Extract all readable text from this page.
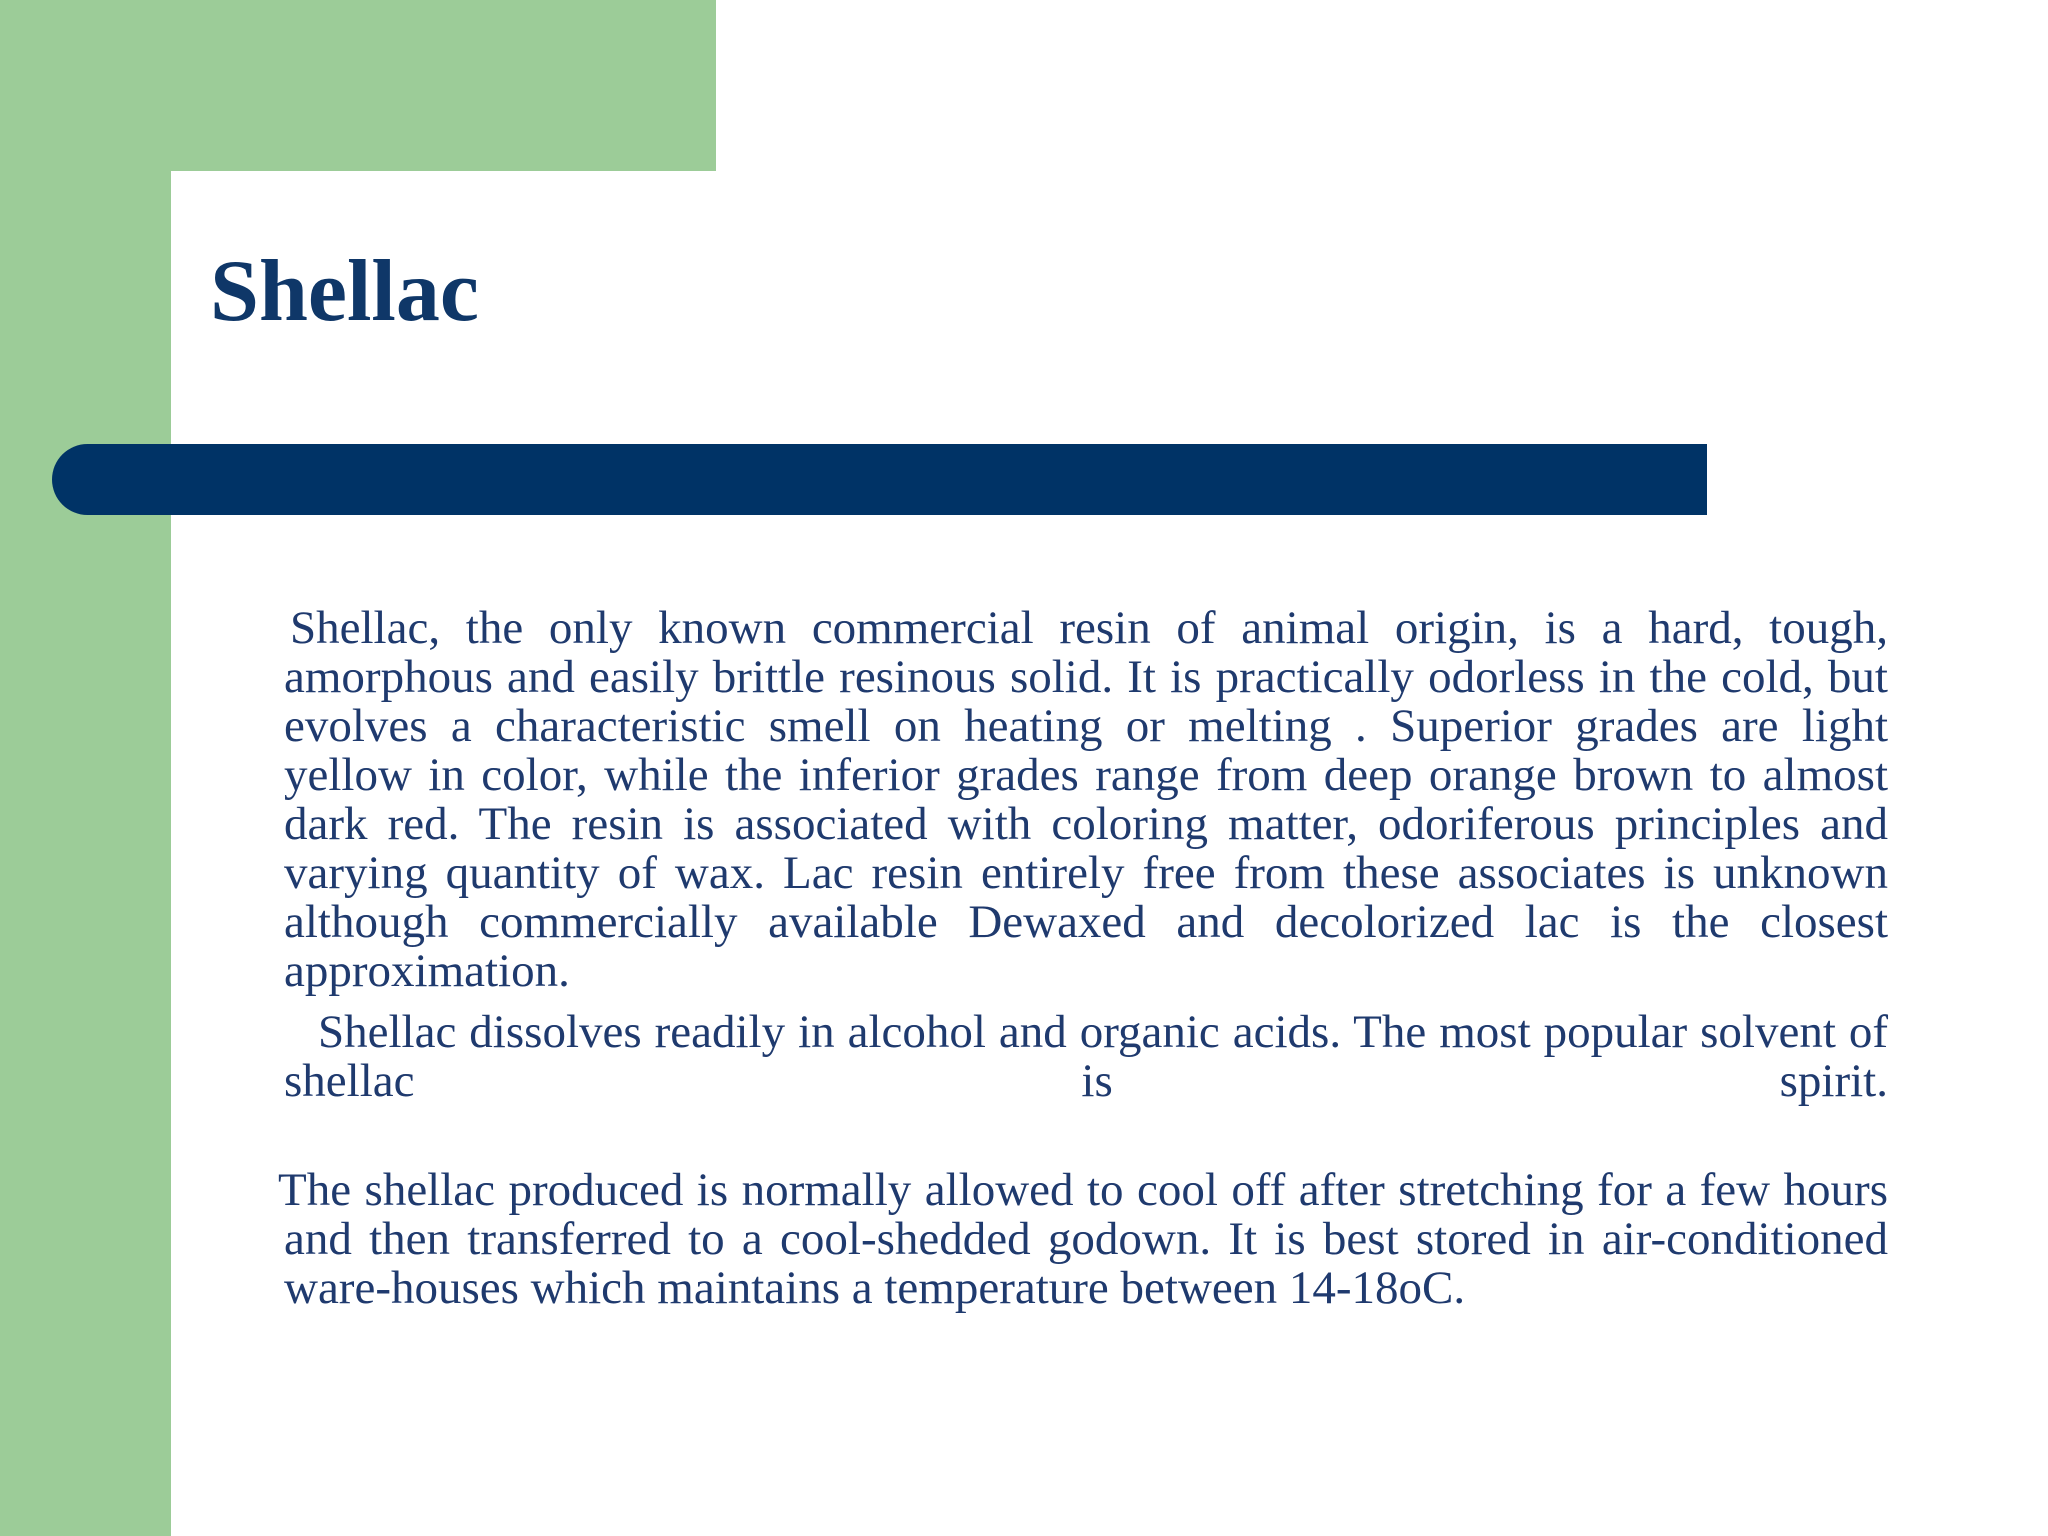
Shellac

Shellac, the only known commercial resin of animal origin, is a hard, tough, amorphous and easily brittle resinous solid. It is practically odorless in the cold, but evolves a characteristic smell on heating or melting . Superior grades are light yellow in color, while the inferior grades range from deep orange brown to almost dark red. The resin is associated with coloring matter, odoriferous principles and varying quantity of wax. Lac resin entirely free from these associates is unknown although commercially available Dewaxed and decolorized lac is the closest approximation.

Shellac dissolves readily in alcohol and organic acids. The most popular solvent of shellac is spirit.

The shellac produced is normally allowed to cool off after stretching for a few hours and then transferred to a cool-shedded godown. It is best stored in air-conditioned ware-houses which maintains a temperature between 14-18oC.
